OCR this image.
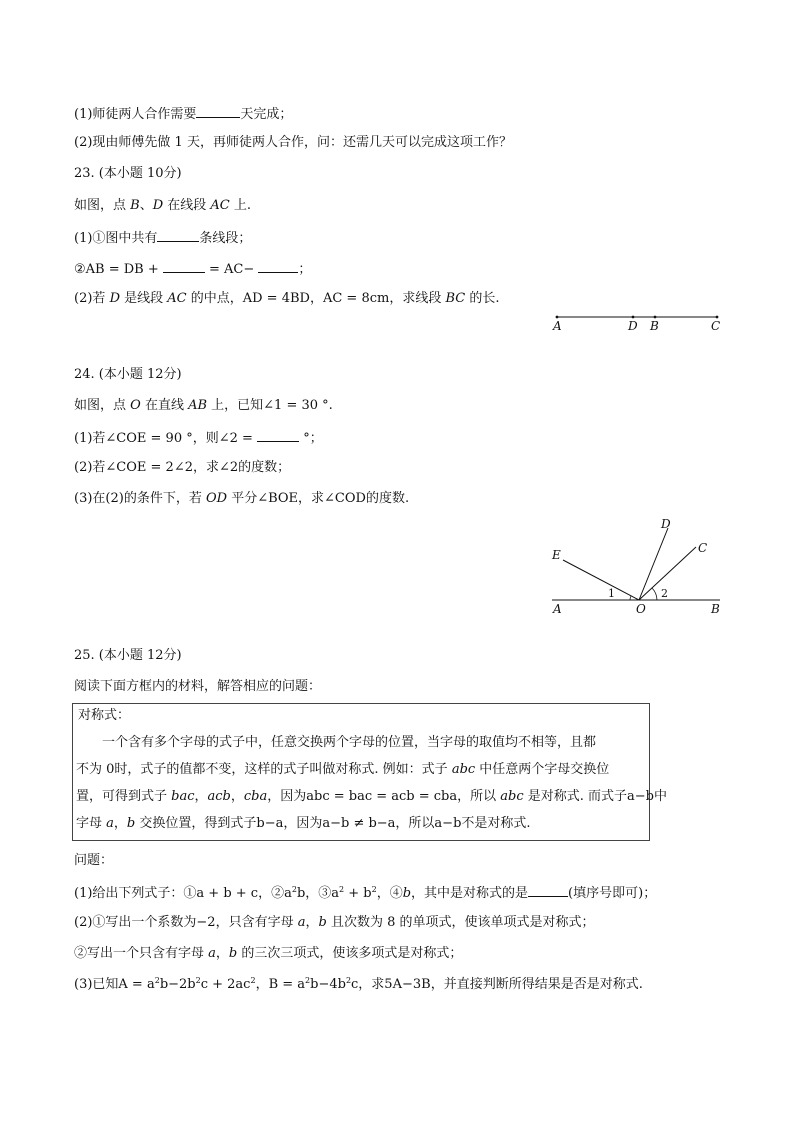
(1)师徒两人合作需要	天完成；
(2)现由师傅先做 1 天，再师徒两人合作，问：还需几天可以完成这项工作？
23. (本小题 10分)
如图，点 B、D 在线段 AC 上.
(1)①图中共有	条线段；
②AB = DB +	= AC−	；
(2)若 D 是线段 AC 的中点，AD = 4BD，AC = 8cm，求线段 BC 的长.
A	D B	C
24. (本小题 12分)
如图，点 O 在直线 AB 上，已知∠1 = 30 °.
(1)若∠COE = 90 °，则∠2 =	°；
(2)若∠COE = 2∠2，求∠2的度数；
(3)在(2)的条件下，若 OD 平分∠BOE，求∠COD的度数.
E
D
C
A	O	B
1	2
25. (本小题 12分)
阅读下面方框内的材料，解答相应的问题：
对称式：
一个含有多个字母的式子中，任意交换两个字母的位置，当字母的取值均不相等，且都
不为 0时，式子的值都不变，这样的式子叫做对称式. 例如：式子 abc 中任意两个字母交换位
置，可得到式子 bac，acb，cba，因为abc = bac = acb = cba，所以 abc 是对称式. 而式子a−b中
字母 a，b 交换位置，得到式子b−a，因为a−b ≠ b−a，所以a−b不是对称式.
问题：
(1)给出下列式子：①a + b + c，$②a^2b$，$③a^2 + b^2$，④b，其中是对称式的是	(填序号即可)；
(2)①写出一个系数为−2，只含有字母 a，b 且次数为 8 的单项式，使该单项式是对称式；
②写出一个只含有字母 a，b 的三次三项式，使该多项式是对称式；
(3)已知$A = a^2b-2b^2c + 2ac^2$，$B = a^2b-4b^2c$，求5A−3B，并直接判断所得结果是否是对称式.
